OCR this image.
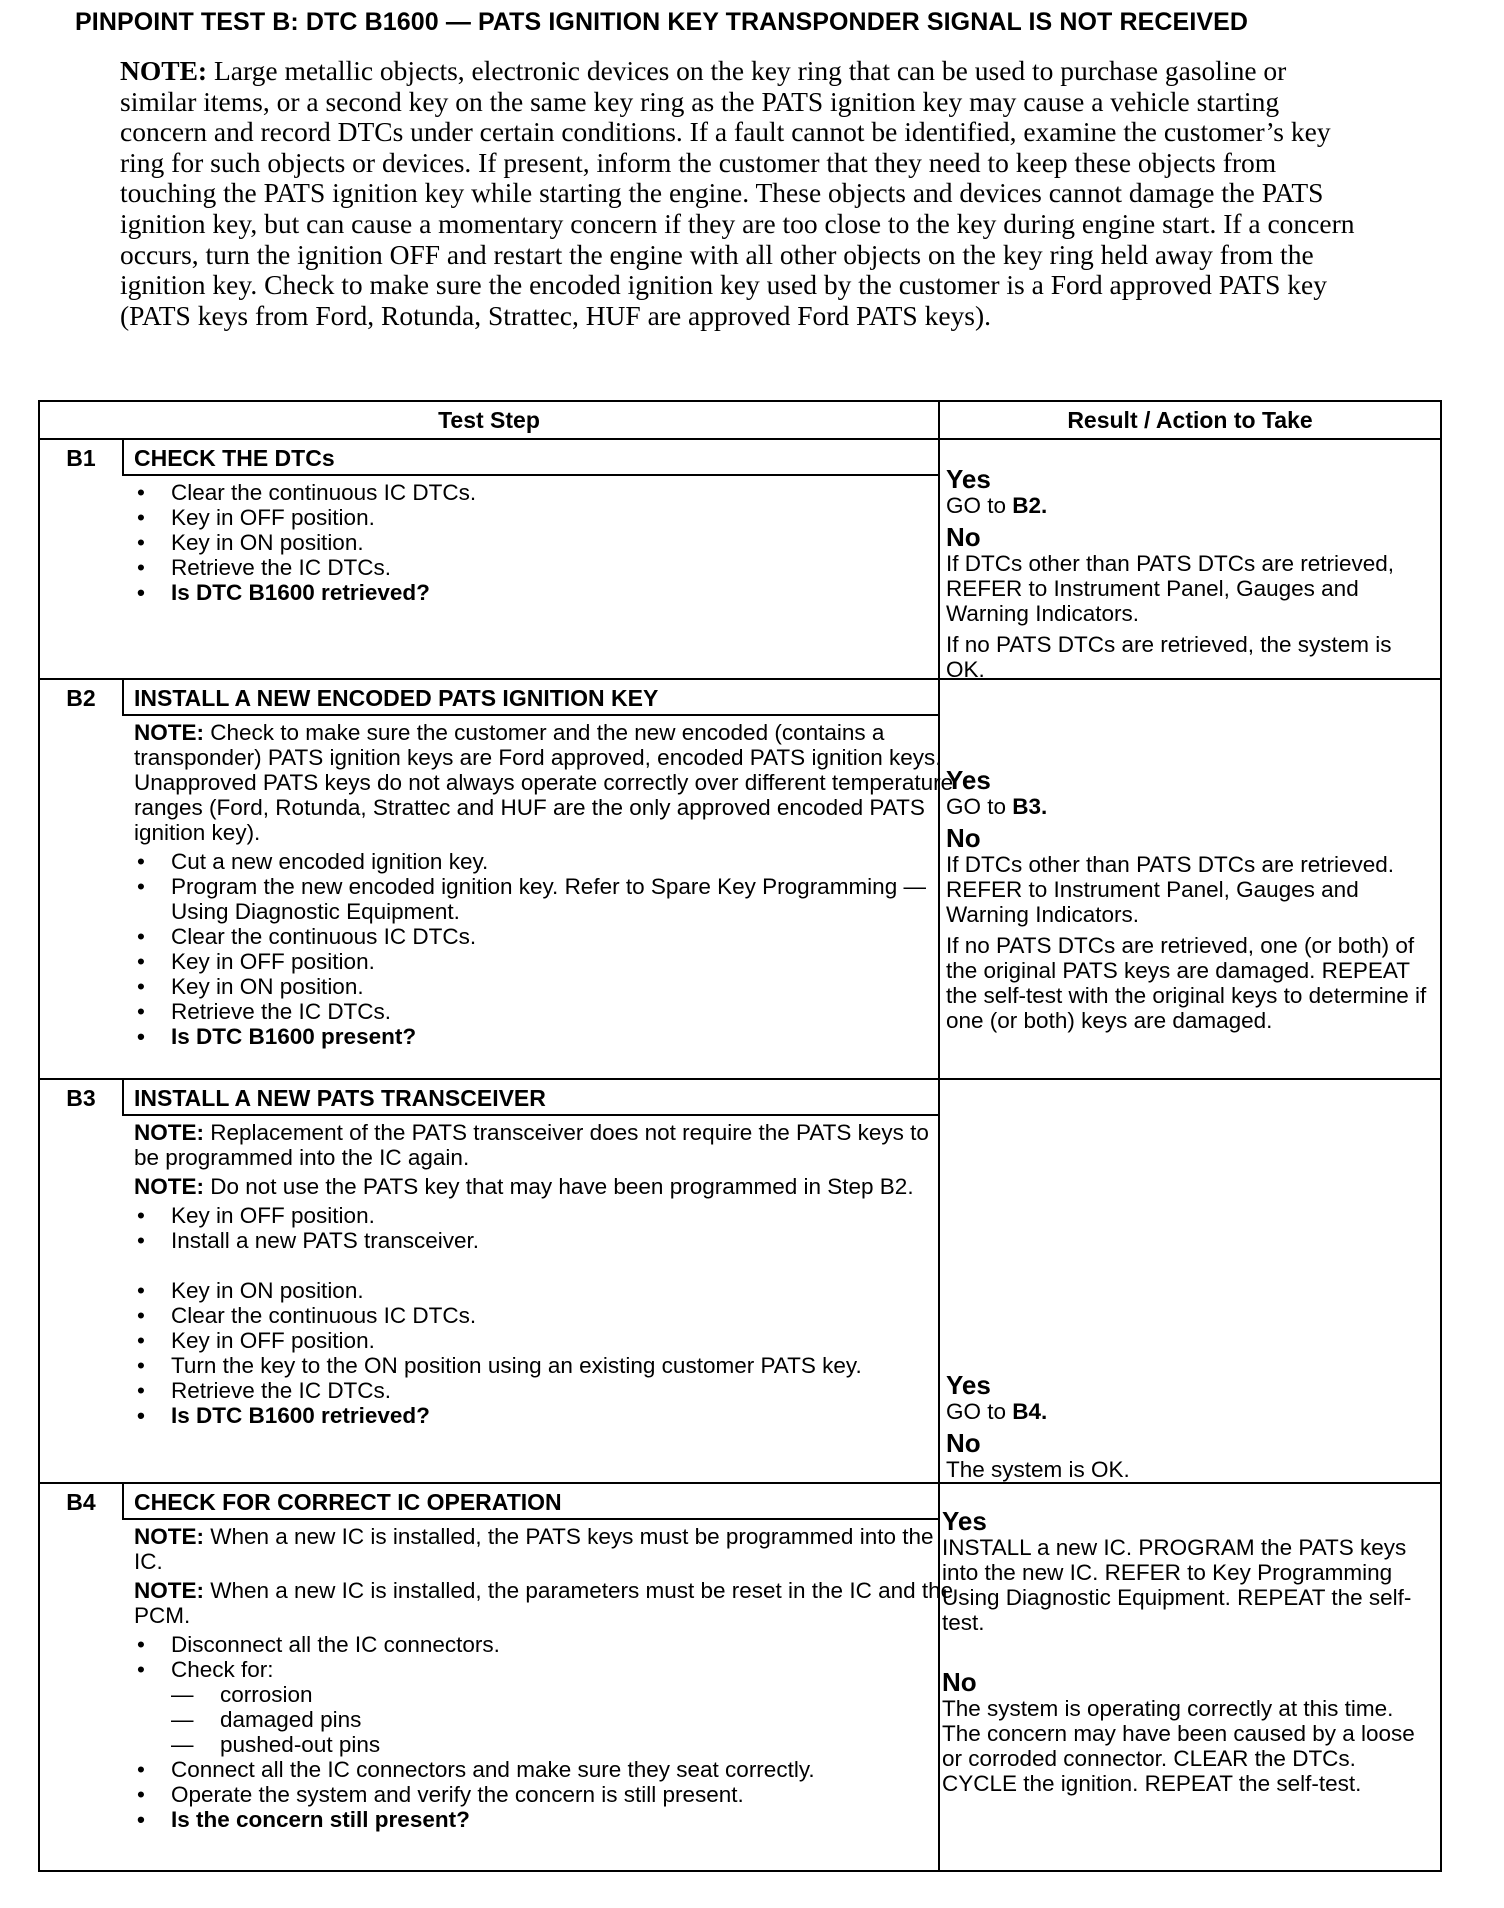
PINPOINT TEST B: DTC B1600 — PATS IGNITION KEY TRANSPONDER SIGNAL IS NOT RECEIVED
NOTE: Large metallic objects, electronic devices on the key ring that can be used to purchase gasoline or similar items, or a second key on the same key ring as the PATS ignition key may cause a vehicle starting concern and record DTCs under certain conditions. If a fault cannot be identified, examine the customer’s key ring for such objects or devices. If present, inform the customer that they need to keep these objects from touching the PATS ignition key while starting the engine. These objects and devices cannot damage the PATS ignition key, but can cause a momentary concern if they are too close to the key during engine start. If a concern occurs, turn the ignition OFF and restart the engine with all other objects on the key ring held away from the ignition key. Check to make sure the encoded ignition key used by the customer is a Ford approved PATS key (PATS keys from Ford, Rotunda, Strattec, HUF are approved Ford PATS keys).
Test Step	Result / Action to Take
B1	CHECK THE DTCs
• Clear the continuous IC DTCs.
• Key in OFF position.
• Key in ON position.
• Retrieve the IC DTCs.
• Is DTC B1600 retrieved?
Yes

GO to B2.

No

If DTCs other than PATS DTCs are retrieved, REFER to Instrument Panel, Gauges and Warning Indicators.

If no PATS DTCs are retrieved, the system is OK.

B2	INSTALL A NEW ENCODED PATS IGNITION KEY

NOTE: Check to make sure the customer and the new encoded (contains a transponder) PATS ignition keys are Ford approved, encoded PATS ignition keys. Unapproved PATS keys do not always operate correctly over different temperature ranges (Ford, Rotunda, Strattec and HUF are the only approved encoded PATS ignition key).

• Cut a new encoded ignition key.
• Program the new encoded ignition key. Refer to Spare Key Programming — Using Diagnostic Equipment.
• Clear the continuous IC DTCs.
• Key in OFF position.
• Key in ON position.
• Retrieve the IC DTCs.
• Is DTC B1600 present?
Yes

GO to B3.

No

If DTCs other than PATS DTCs are retrieved. REFER to Instrument Panel, Gauges and Warning Indicators.

If no PATS DTCs are retrieved, one (or both) of the original PATS keys are damaged. REPEAT the self-test with the original keys to determine if one (or both) keys are damaged.

B3	INSTALL A NEW PATS TRANSCEIVER

NOTE: Replacement of the PATS transceiver does not require the PATS keys to be programmed into the IC again.

NOTE: Do not use the PATS key that may have been programmed in Step B2.

• Key in OFF position.
• Install a new PATS transceiver.
• Key in ON position.
• Clear the continuous IC DTCs.
• Key in OFF position.
• Turn the key to the ON position using an existing customer PATS key.
• Retrieve the IC DTCs.
• Is DTC B1600 retrieved?
Yes

GO to B4.

No

The system is OK.

B4	CHECK FOR CORRECT IC OPERATION

NOTE: When a new IC is installed, the PATS keys must be programmed into the IC.

NOTE: When a new IC is installed, the parameters must be reset in the IC and the PCM.

• Disconnect all the IC connectors.
• Check for:
— corrosion
— damaged pins
— pushed-out pins
• Connect all the IC connectors and make sure they seat correctly.
• Operate the system and verify the concern is still present.
• Is the concern still present?
Yes

INSTALL a new IC. PROGRAM the PATS keys into the new IC. REFER to Key Programming Using Diagnostic Equipment. REPEAT the self-test.

No

The system is operating correctly at this time. The concern may have been caused by a loose or corroded connector. CLEAR the DTCs. CYCLE the ignition. REPEAT the self-test.
